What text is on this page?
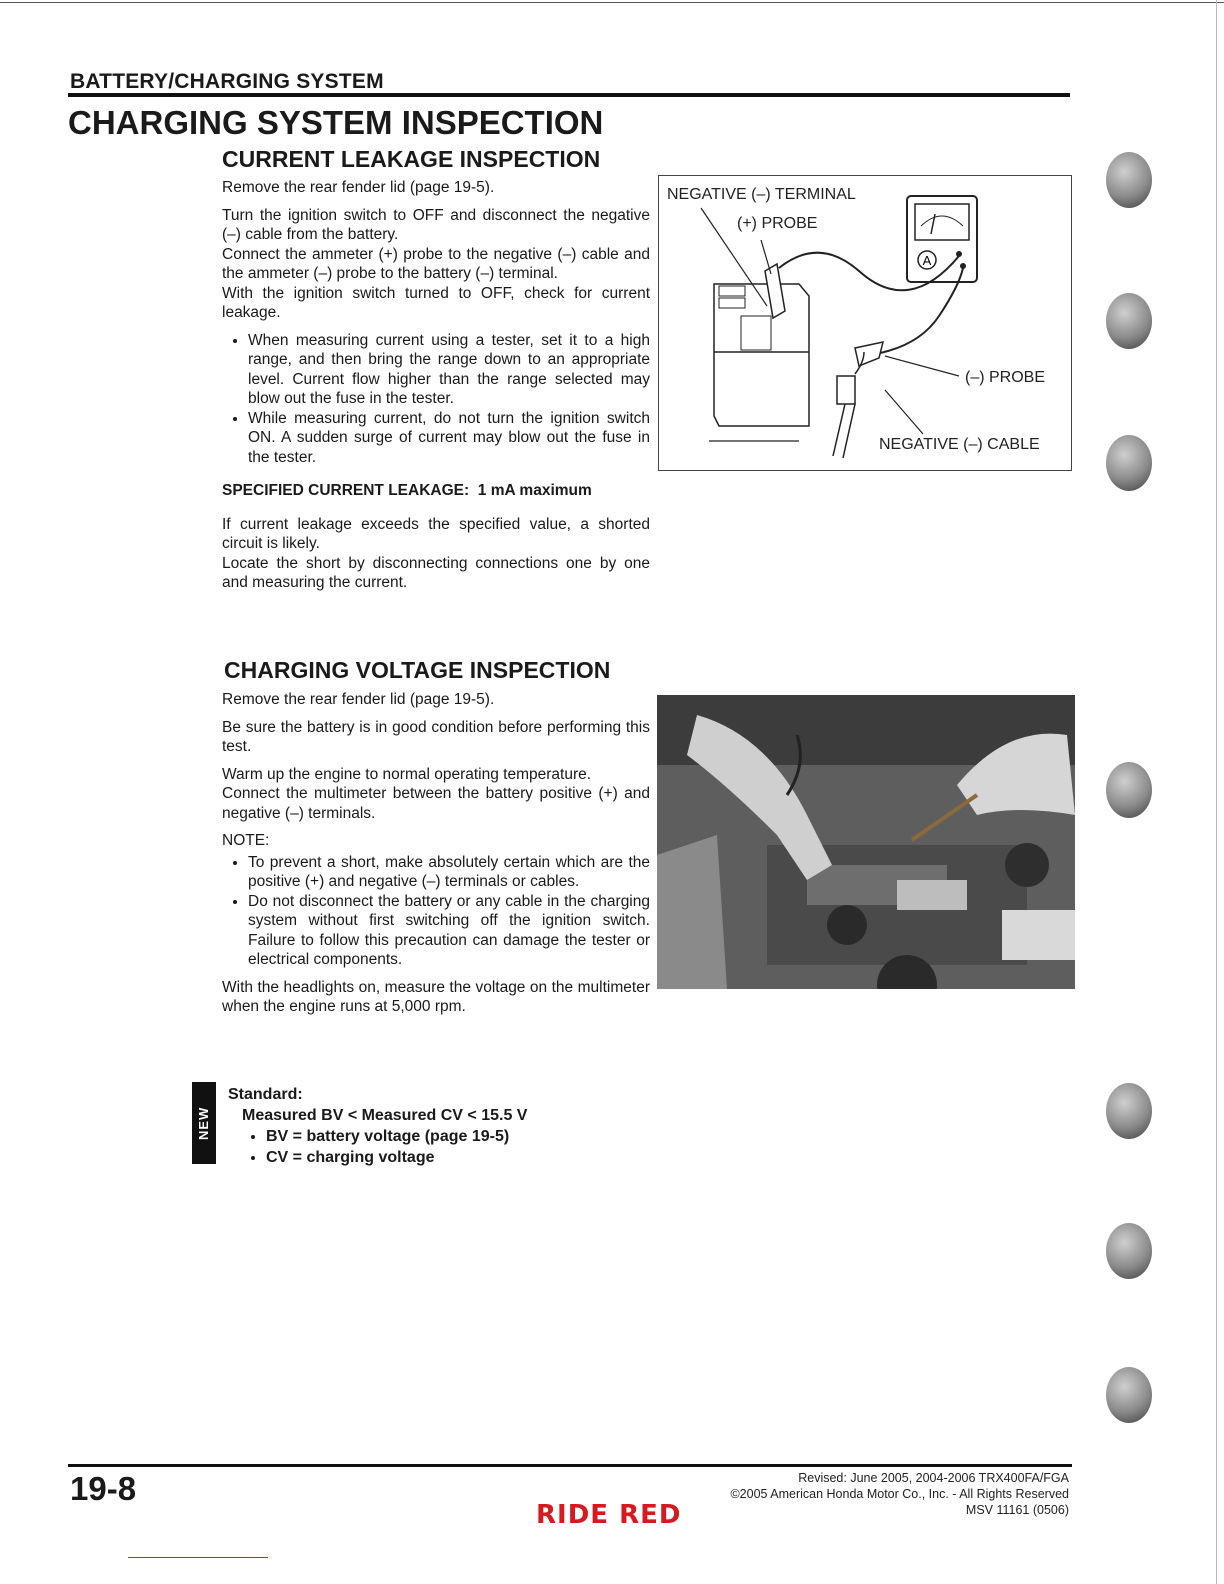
BATTERY/CHARGING SYSTEM
CHARGING SYSTEM INSPECTION
CURRENT LEAKAGE INSPECTION

Remove the rear fender lid (page 19-5).

Turn the ignition switch to OFF and disconnect the negative (–) cable from the battery.

Connect the ammeter (+) probe to the negative (–) cable and the ammeter (–) probe to the battery (–) terminal.

With the ignition switch turned to OFF, check for current leakage.

• When measuring current using a tester, set it to a high range, and then bring the range down to an appropriate level. Current flow higher than the range selected may blow out the fuse in the tester.
• While measuring current, do not turn the ignition switch ON. A sudden surge of current may blow out the fuse in the tester.

SPECIFIED CURRENT LEAKAGE: 1 mA maximum

If current leakage exceeds the specified value, a shorted circuit is likely.

Locate the short by disconnecting connections one by one and measuring the current.

A
NEGATIVE (–) TERMINAL
(+) PROBE
(–) PROBE
NEGATIVE (–) CABLE
CHARGING VOLTAGE INSPECTION

Remove the rear fender lid (page 19-5).

Be sure the battery is in good condition before performing this test.

Warm up the engine to normal operating temperature.

Connect the multimeter between the battery positive (+) and negative (–) terminals.

NOTE:
• To prevent a short, make absolutely certain which are the positive (+) and negative (–) terminals or cables.
• Do not disconnect the battery or any cable in the charging system without first switching off the ignition switch. Failure to follow this precaution can damage the tester or electrical components.

With the headlights on, measure the voltage on the multimeter when the engine runs at 5,000 rpm.

NEW
Standard:
Measured BV < Measured CV < 15.5 V
• BV = battery voltage (page 19-5)
• CV = charging voltage
19-8	Revised: June 2005, 2004-2006 TRX400FA/FGA
©2005 American Honda Motor Co., Inc. - All Rights Reserved
MSV 11161 (0506)
RIDE RED
